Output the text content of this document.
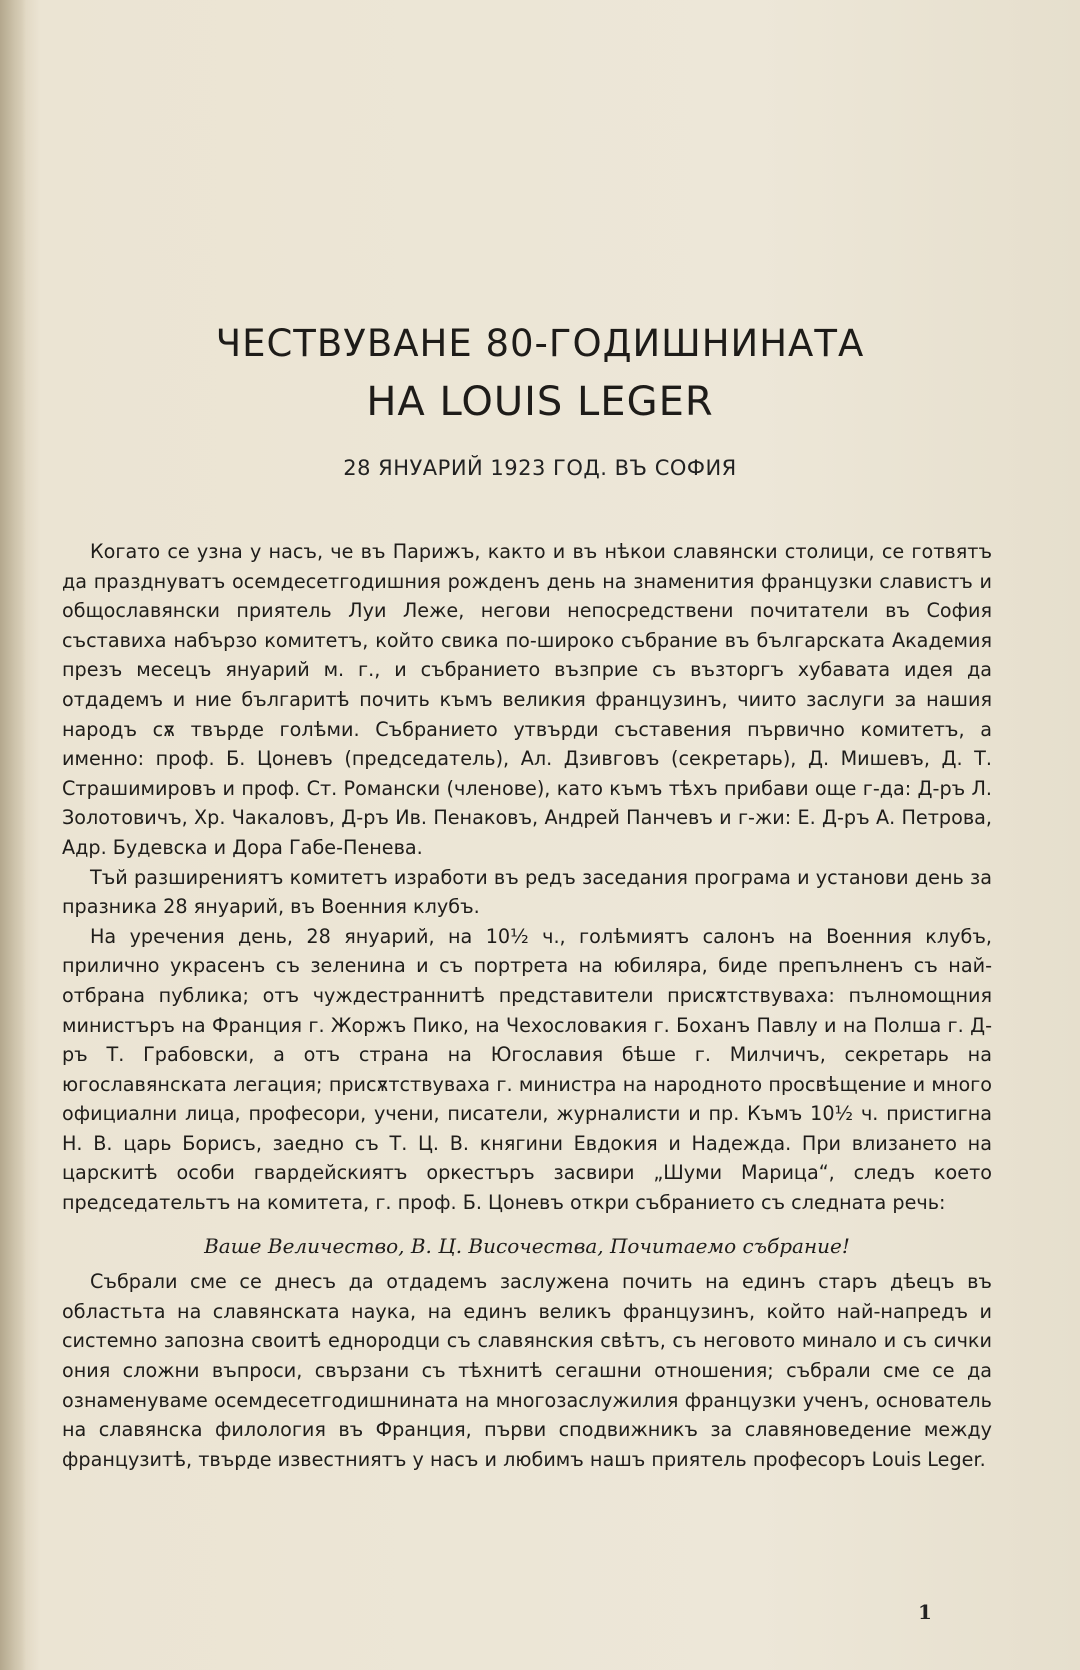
ЧЕСТВУВАНЕ 80-ГОДИШНИНАТА
НА LOUIS LEGER
28 ЯНУАРИЙ 1923 ГОД. ВЪ СОФИЯ

Когато се узна у насъ, че въ Парижъ, както и въ нѣкои славянски столици, се готвятъ да празднуватъ осемдесетгодишния рожденъ день на знаменития французки славистъ и общославянски приятель Луи Леже, негови непосредствени почитатели въ София съставиха набързо комитетъ, който свика по-широко събрание въ българската Академия презъ месецъ януарий м. г., и събранието възприе съ възторгъ хубавата идея да отдадемъ и ние българитѣ почить къмъ великия французинъ, чиито заслуги за нашия народъ сѫ твърде голѣми. Събранието утвърди съставения първично комитетъ, а именно: проф. Б. Цоневъ (председатель), Ал. Дзивговъ (секретарь), Д. Мишевъ, Д. Т. Страшимировъ и проф. Ст. Романски (членове), като къмъ тѣхъ прибави още г-да: Д-ръ Л. Золотовичъ, Хр. Чакаловъ, Д-ръ Ив. Пенаковъ, Андрей Панчевъ и г-жи: Е. Д-ръ А. Петрова, Адр. Будевска и Дора Габе-Пенева.

Тъй разширениятъ комитетъ изработи въ редъ заседания програма и установи день за празника 28 януарий, въ Военния клубъ.

На уречения день, 28 януарий, на 10½ ч., голѣмиятъ салонъ на Военния клубъ, прилично украсенъ съ зеленина и съ портрета на юбиляра, биде препълненъ съ най-отбрана публика; отъ чуждестраннитѣ представители присѫтствуваха: пълномощния министъръ на Франция г. Жоржъ Пико, на Чехословакия г. Боханъ Павлу и на Полша г. Д-ръ Т. Грабовски, а отъ страна на Югославия бѣше г. Милчичъ, секретарь на югославянската легация; присѫтствуваха г. министра на народното просвѣщение и много официални лица, професори, учени, писатели, журналисти и пр. Къмъ 10½ ч. пристигна Н. В. царь Борисъ, заедно съ Т. Ц. В. княгини Евдокия и Надежда. При влизането на царскитѣ особи гвардейскиятъ оркестъръ засвири „Шуми Марица“, следъ което председательтъ на комитета, г. проф. Б. Цоневъ откри събранието съ следната речь:

Ваше Величество, В. Ц. Височества, Почитаемо събрание!

Събрали сме се днесъ да отдадемъ заслужена почить на единъ старъ дѣецъ въ областьта на славянската наука, на единъ великъ французинъ, който най-напредъ и системно запозна своитѣ еднородци съ славянския свѣтъ, съ неговото минало и съ сички ония сложни въпроси, свързани съ тѣхнитѣ сегашни отношения; събрали сме се да ознаменуваме осемдесетгодишнината на многозаслужилия французки ученъ, основатель на славянска филология въ Франция, първи сподвижникъ за славяноведение между французитѣ, твърде известниятъ у насъ и любимъ нашъ приятель професоръ Louis Leger.

1
